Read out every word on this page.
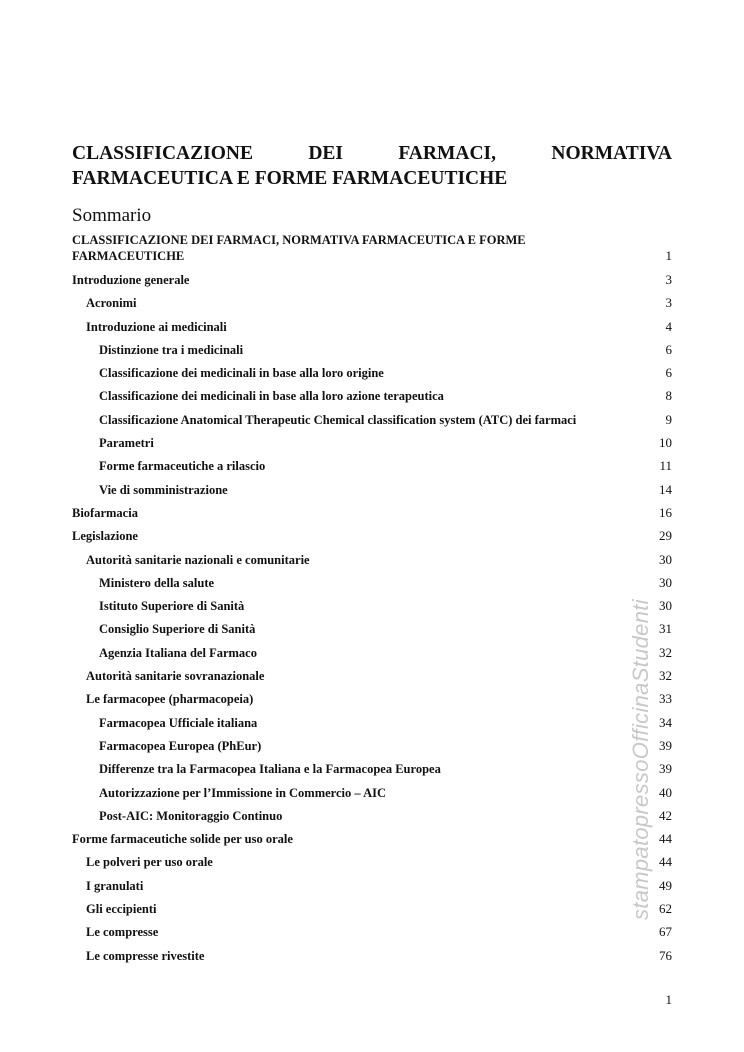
CLASSIFICAZIONE	DEI	FARMACI,	NORMATIVA
FARMACEUTICA E FORME FARMACEUTICHE
Sommario
CLASSIFICAZIONE DEI FARMACI, NORMATIVA FARMACEUTICA E FORME FARMACEUTICHE	1
Introduzione generale	3
Acronimi	3
Introduzione ai medicinali	4
Distinzione tra i medicinali	6
Classificazione dei medicinali in base alla loro origine	6
Classificazione dei medicinali in base alla loro azione terapeutica	8
Classificazione Anatomical Therapeutic Chemical classification system (ATC) dei farmaci	9
Parametri	10
Forme farmaceutiche a rilascio	11
Vie di somministrazione	14
Biofarmacia	16
Legislazione	29
Autorità sanitarie nazionali e comunitarie	30
Ministero della salute	30
Istituto Superiore di Sanità	30
Consiglio Superiore di Sanità	31
Agenzia Italiana del Farmaco	32
Autorità sanitarie sovranazionale	32
Le farmacopee (pharmacopeia)	33
Farmacopea Ufficiale italiana	34
Farmacopea Europea (PhEur)	39
Differenze tra la Farmacopea Italiana e la Farmacopea Europea	39
Autorizzazione per l’Immissione in Commercio – AIC	40
Post-AIC: Monitoraggio Continuo	42
Forme farmaceutiche solide per uso orale	44
Le polveri per uso orale	44
I granulati	49
Gli eccipienti	62
Le compresse	67
Le compresse rivestite	76
stampatopressoOfficinaStudenti
1
